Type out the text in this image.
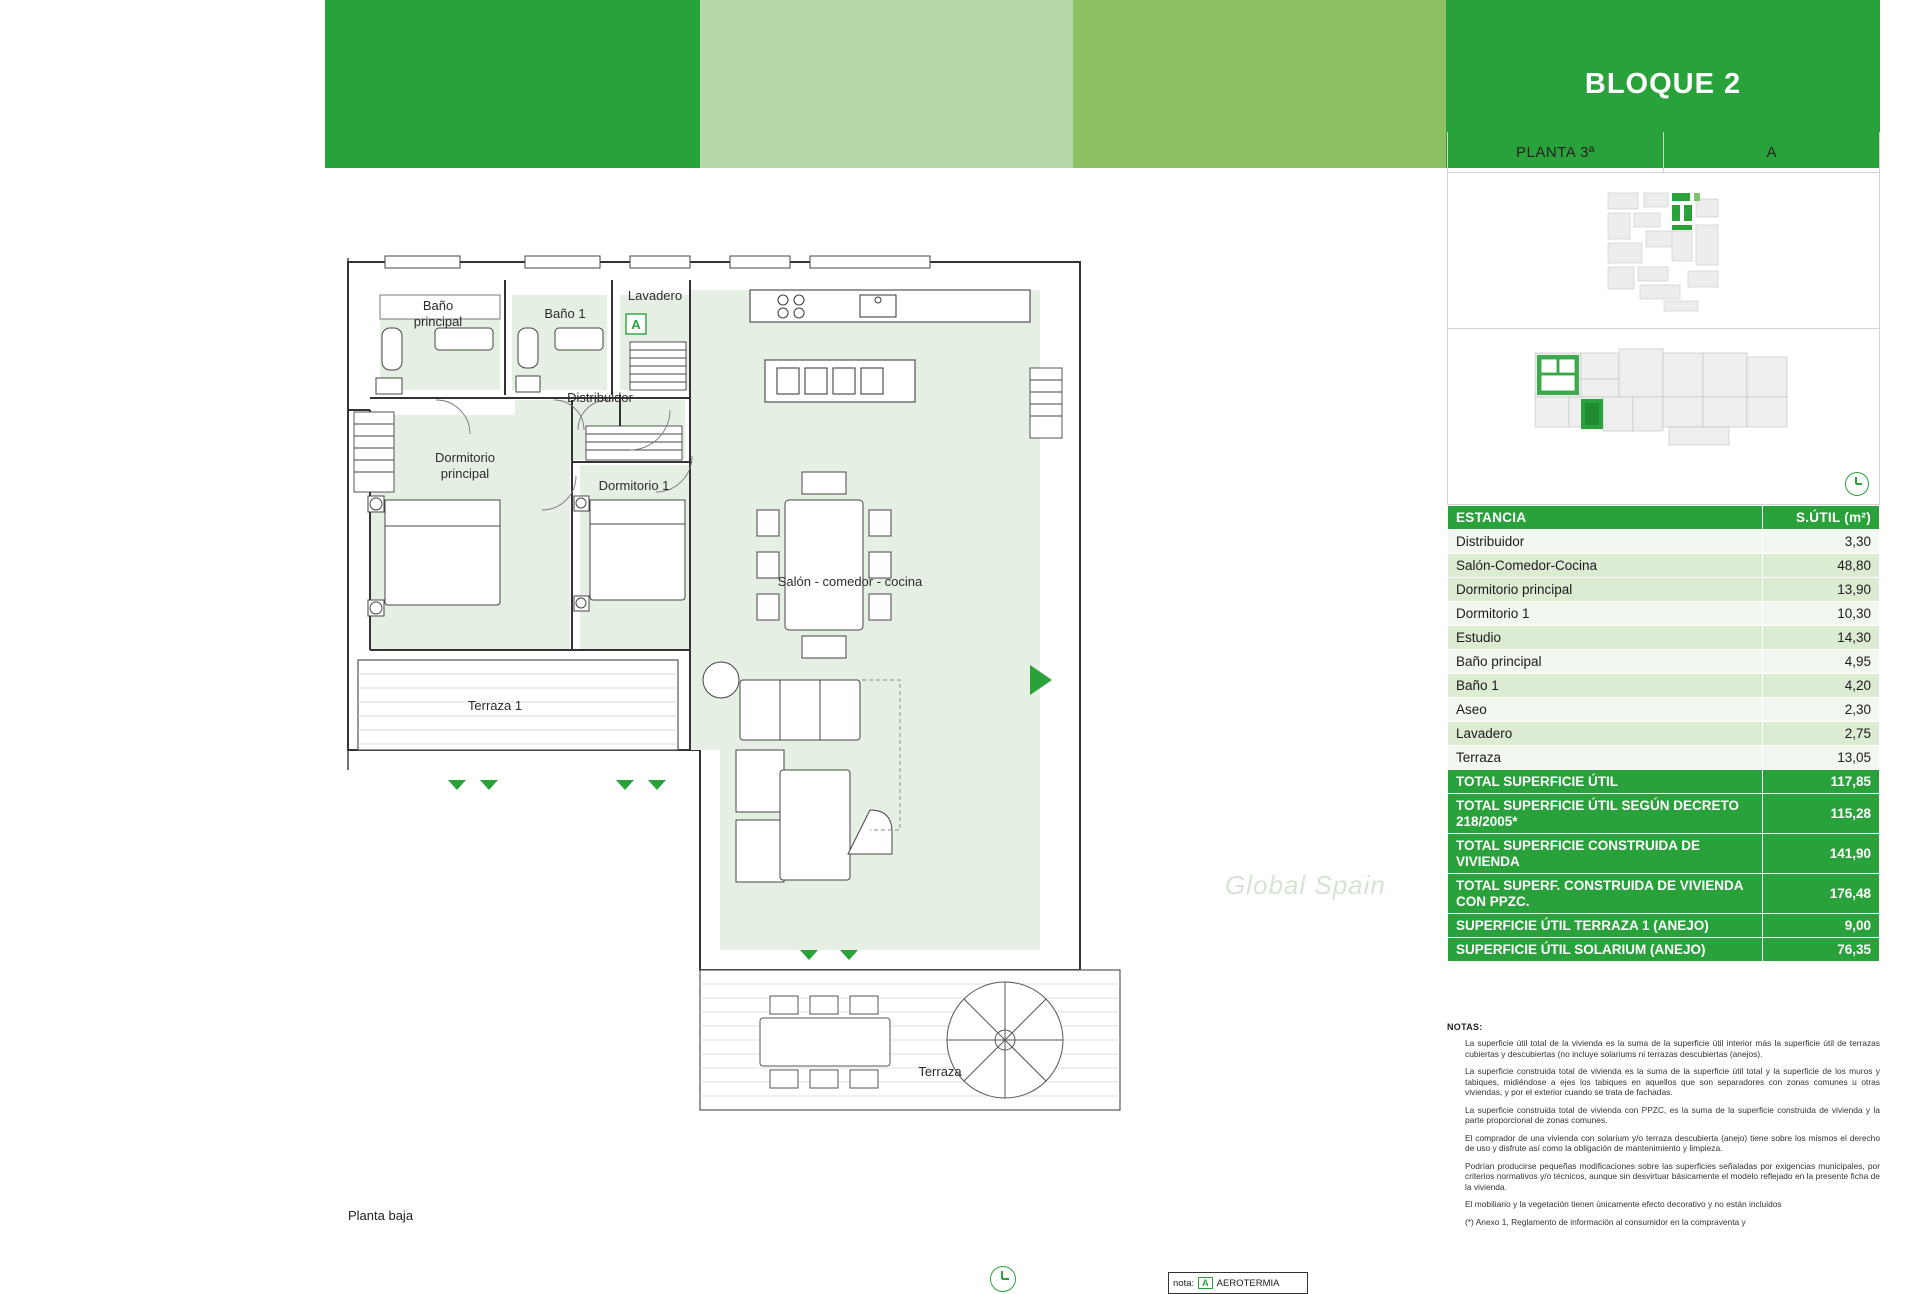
BLOQUE 2
PLANTA 3ª	A
ESTANCIA	S.ÚTIL (m²)
Distribuidor	3,30
Salón-Comedor-Cocina	48,80
Dormitorio principal	13,90
Dormitorio 1	10,30
Estudio	14,30
Baño principal	4,95
Baño 1	4,20
Aseo	2,30
Lavadero	2,75
Terraza	13,05
TOTAL SUPERFICIE ÚTIL	117,85
TOTAL SUPERFICIE ÚTIL SEGÚN DECRETO 218/2005*	115,28
TOTAL SUPERFICIE CONSTRUIDA DE VIVIENDA	141,90
TOTAL SUPERF. CONSTRUIDA DE VIVIENDA CON PPZC.	176,48
SUPERFICIE ÚTIL TERRAZA 1 (ANEJO)	9,00
SUPERFICIE ÚTIL SOLARIUM (ANEJO)	76,35
NOTAS:

La superficie útil total de la vivienda es la suma de la superficie útil interior más la superficie útil de terrazas cubiertas y descubiertas (no incluye solariums ni terrazas descubiertas (anejos).

La superficie construida total de vivienda es la suma de la superficie útil total y la superficie de los muros y tabiques, midiéndose a ejes los tabiques en aquellos que son separadores con zonas comunes u otras viviendas, y por el exterior cuando se trata de fachadas.

La superficie construida total de vivienda con PPZC, es la suma de la superficie construida de vivienda y la parte proporcional de zonas comunes.

El comprador de una vivienda con solarium y/o terraza descubierta (anejo) tiene sobre los mismos el derecho de uso y disfrute así como la obligación de mantenimiento y limpieza.

Podrían producirse pequeñas modificaciones sobre las superficies señaladas por exigencias municipales, por criterios normativos y/o técnicos, aunque sin desvirtuar básicamente el modelo reflejado en la presente ficha de la vivienda.

El mobiliario y la vegetación tienen únicamente efecto decorativo y no están incluidos

(*) Anexo 1, Reglamento de información al consumidor en la compraventa y

Baño
principal
Baño 1
Lavadero
Distribuidor
Dormitorio
principal
Dormitorio 1
Salón - comedor - cocina
Terraza 1
Terraza
A
Global Spain
Planta baja
nota: A AEROTERMIA
